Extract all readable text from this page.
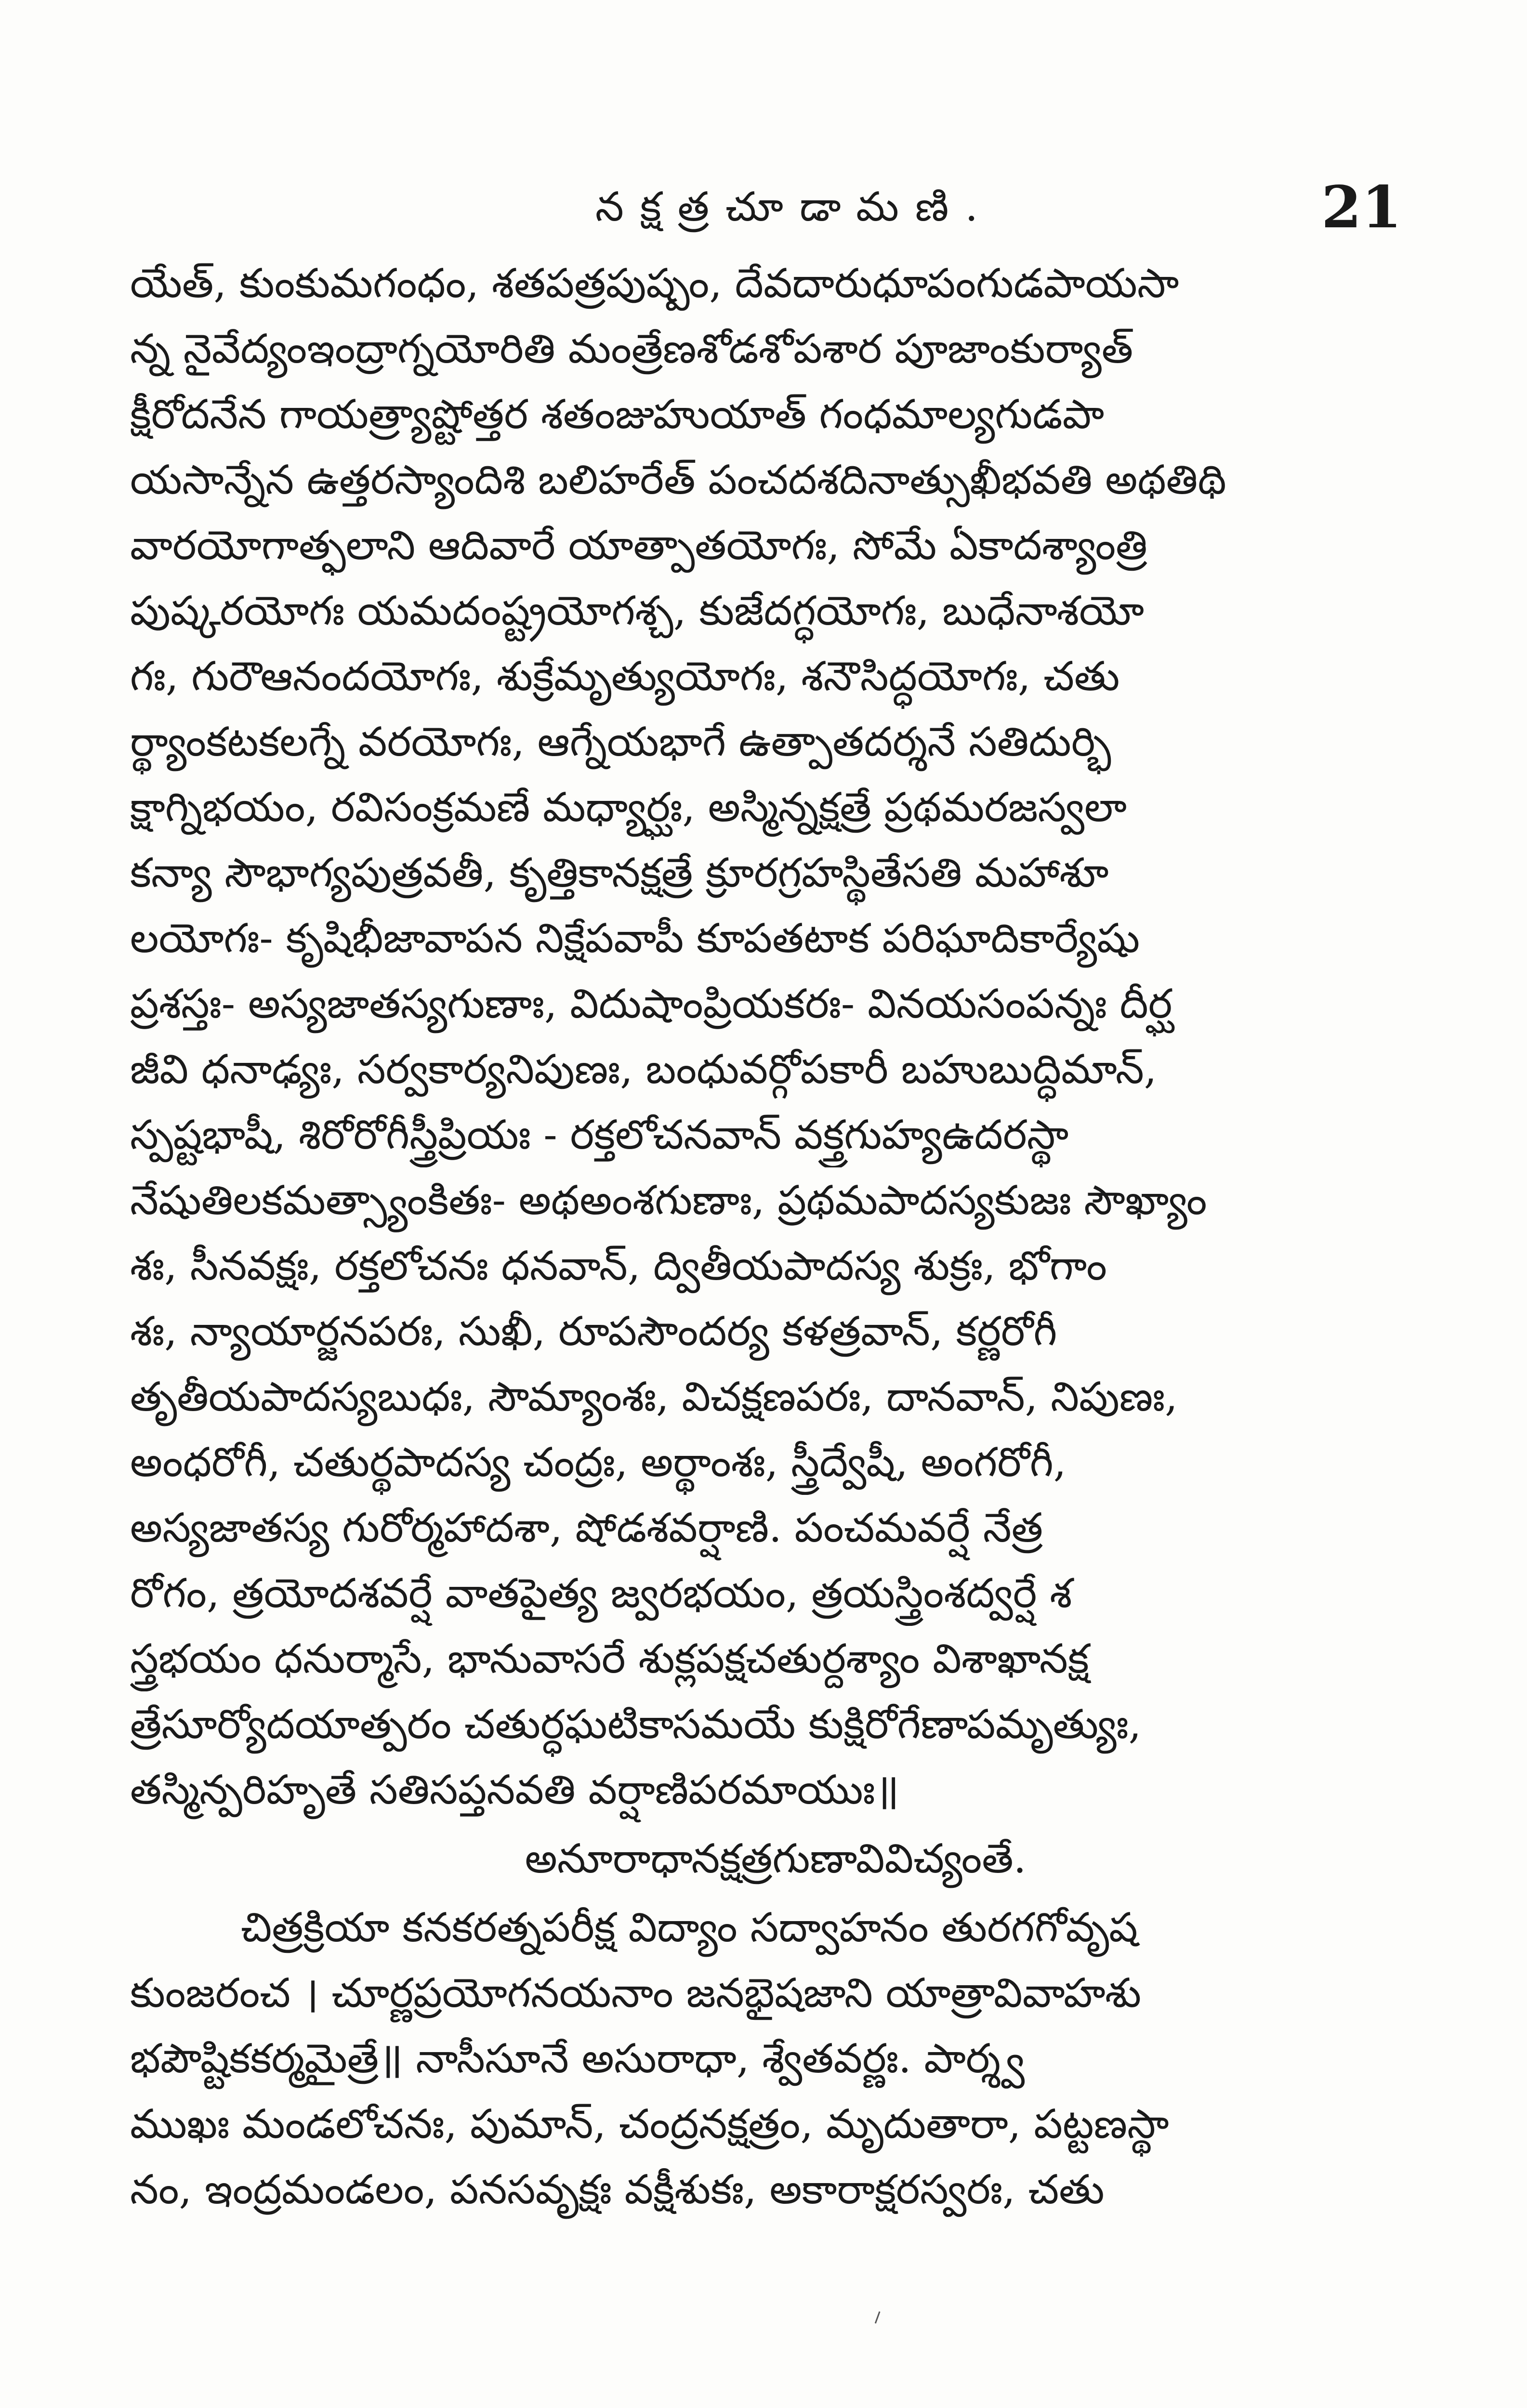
నక్షత్రచూడామణి.	21
యేత్, కుంకుమగంధం, శతపత్రపుష్పం, దేవదారుధూపంగుడపాయసా
న్న నైవేద్యంఇంద్రాగ్నయోరితి మంత్రేణశోడశోపశార పూజాంకుర్యాత్
క్షీరోదనేన గాయత్ర్యాష్టోత్తర శతంజుహుయాత్ గంధమాల్యగుడపా
యసాన్నేన ఉత్తరస్యాందిశి బలిహరేత్ పంచదశదినాత్సుఖీభవతి అథతిథి
వారయోగాత్ఫలాని ఆదివారే యాత్పాతయోగః, సోమే ఏకాదశ్యాంత్రి
పుష్కరయోగః యమదంష్ట్రయోగశ్చ, కుజేదగ్ధయోగః, బుధేనాశయో
గః, గురౌఆనందయోగః, శుక్రేమృత్యుయోగః, శనౌసిద్ధయోగః, చతు
ర్థ్యాంకటకలగ్నే వరయోగః, ఆగ్నేయభాగే ఉత్పాతదర్శనే సతిదుర్భి
క్షాగ్నిభయం, రవిసంక్రమణే మధ్యార్ఘః, అస్మిన్నక్షత్రే ప్రథమరజస్వలా
కన్యా సౌభాగ్యపుత్రవతీ, కృత్తికానక్షత్రే క్రూరగ్రహస్థితేసతి మహాశూ
లయోగః- కృషిభీజావాపన నిక్షేపవాపీ కూపతటాక పరిఘాదికార్యేషు
ప్రశస్తః- అస్యజాతస్యగుణాః, విదుషాంప్రియకరః- వినయసంపన్నః దీర్ఘ
జీవి ధనాఢ్యః, సర్వకార్యనిపుణః, బంధువర్గోపకారీ బహుబుద్ధిమాన్,
స్పష్టభాషీ, శిరోరోగీస్త్రీప్రియః - రక్తలోచనవాన్ వక్త్రగుహ్యఉదరస్థా
నేషుతిలకమత్స్యాంకితః- అథఅంశగుణాః, ప్రథమపాదస్యకుజః సౌఖ్యాం
శః, సీనవక్షః, రక్తలోచనః ధనవాన్, ద్వితీయపాదస్య శుక్రః, భోగాం
శః, న్యాయార్జనపరః, సుఖీ, రూపసౌందర్య కళత్రవాన్, కర్ణరోగీ
తృతీయపాదస్యబుధః, సౌమ్యాంశః, విచక్షణపరః, దానవాన్, నిపుణః,
అంధరోగీ, చతుర్థపాదస్య చంద్రః, అర్థాంశః, స్త్రీద్వేషీ, అంగరోగీ,
అస్యజాతస్య గురోర్మహాదశా, షోడశవర్షాణి. పంచమవర్షే నేత్ర
రోగం, త్రయోదశవర్షే వాతపైత్య జ్వరభయం, త్రయస్త్రింశద్వర్షే శ
స్త్రభయం ధనుర్మాసే, భానువాసరే శుక్లపక్షచతుర్దశ్యాం విశాఖానక్ష
త్రేసూర్యోదయాత్పరం చతుర్ధఘటికాసమయే కుక్షిరోగేణాపమృత్యుః,
తస్మిన్పరిహృతే సతిసప్తనవతి వర్షాణిపరమాయుః॥
అనూరాధానక్షత్రగుణావివిచ్యంతే.
చిత్రక్రియా కనకరత్నపరీక్ష విద్యాం సద్వాహనం తురగగోవృష
కుంజరంచ । చూర్ణప్రయోగనయనాం జనభైషజాని యాత్రావివాహశు
భపౌష్టికకర్మమైత్రే॥ నాసీసూనే అసురాధా, శ్వేతవర్ణః. పార్శ్వ
ముఖః మండలోచనః, పుమాన్, చంద్రనక్షత్రం, మృదుతారా, పట్టణస్థా
నం, ఇంద్రమండలం, పనసవృక్షః వక్షీశుకః, అకారాక్షరస్వరః, చతు
